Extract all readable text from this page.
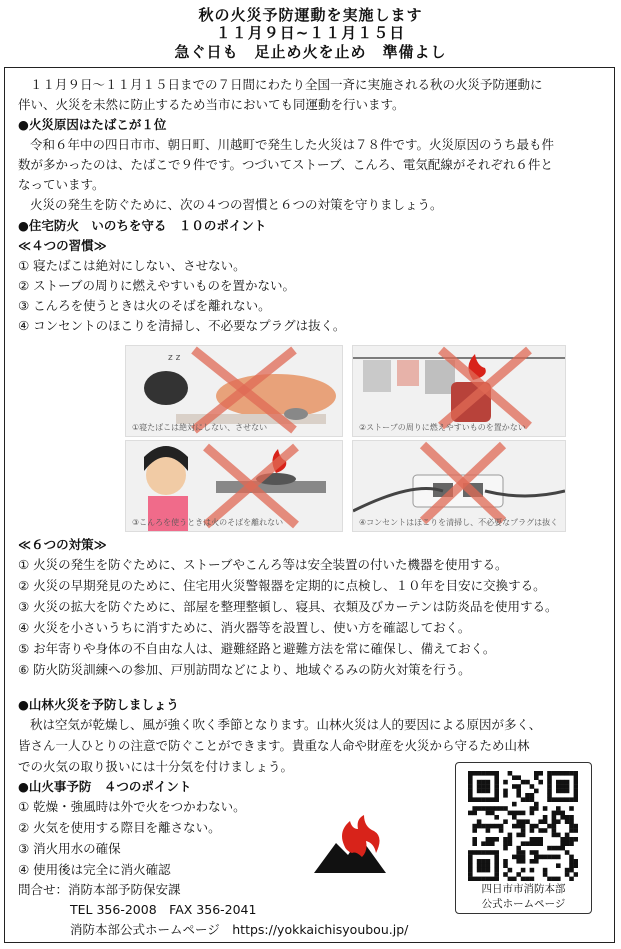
秋の火災予防運動を実施します
１１月９日~１１月１５日
急ぐ日も　足止め火を止め　準備よし
１１月９日～１１月１５日までの７日間にわたり全国一斉に実施される秋の火災予防運動に
伴い、火災を未然に防止するため当市においても同運動を行います。
●火災原因はたばこが１位
令和６年中の四日市市、朝日町、川越町で発生した火災は７８件です。火災原因のうち最も件
数が多かったのは、たばこで９件です。つづいてストーブ、こんろ、電気配線がそれぞれ６件と
なっています。
火災の発生を防ぐために、次の４つの習慣と６つの対策を守りましょう。
●住宅防火　いのちを守る　１０のポイント
≪４つの習慣≫
① 寝たばこは絶対にしない、させない。
② ストーブの周りに燃えやすいものを置かない。
③ こんろを使うときは火のそばを離れない。
④ コンセントのほこりを清掃し、不必要なプラグは抜く。
z z
①寝たばこは絶対にしない、させない	②ストーブの周りに燃えやすいものを置かない
③こんろを使うときは火のそばを離れない	④コンセントはほこりを清掃し、不必要なプラグは抜く
≪６つの対策≫
① 火災の発生を防ぐために、ストーブやこんろ等は安全装置の付いた機器を使用する。
② 火災の早期発見のために、住宅用火災警報器を定期的に点検し、１０年を目安に交換する。
③ 火災の拡大を防ぐために、部屋を整理整頓し、寝具、衣類及びカーテンは防炎品を使用する。
④ 火災を小さいうちに消すために、消火器等を設置し、使い方を確認しておく。
⑤ お年寄りや身体の不自由な人は、避難経路と避難方法を常に確保し、備えておく。
⑥ 防火防災訓練への参加、戸別訪問などにより、地域ぐるみの防火対策を行う。
●山林火災を予防しましょう
秋は空気が乾燥し、風が強く吹く季節となります。山林火災は人的要因による原因が多く、
皆さん一人ひとりの注意で防ぐことができます。貴重な人命や財産を火災から守るため山林
での火気の取り扱いには十分気を付けましょう。
●山火事予防　４つのポイント
① 乾燥・強風時は外で火をつかわない。
② 火気を使用する際目を離さない。
③ 消火用水の確保
④ 使用後は完全に消火確認
問合せ：消防本部予防保安課
TEL 356-2008　FAX 356-2041
消防本部公式ホームページ　https://yokkaichisyoubou.jp/
四日市市消防本部
公式ホームページ
